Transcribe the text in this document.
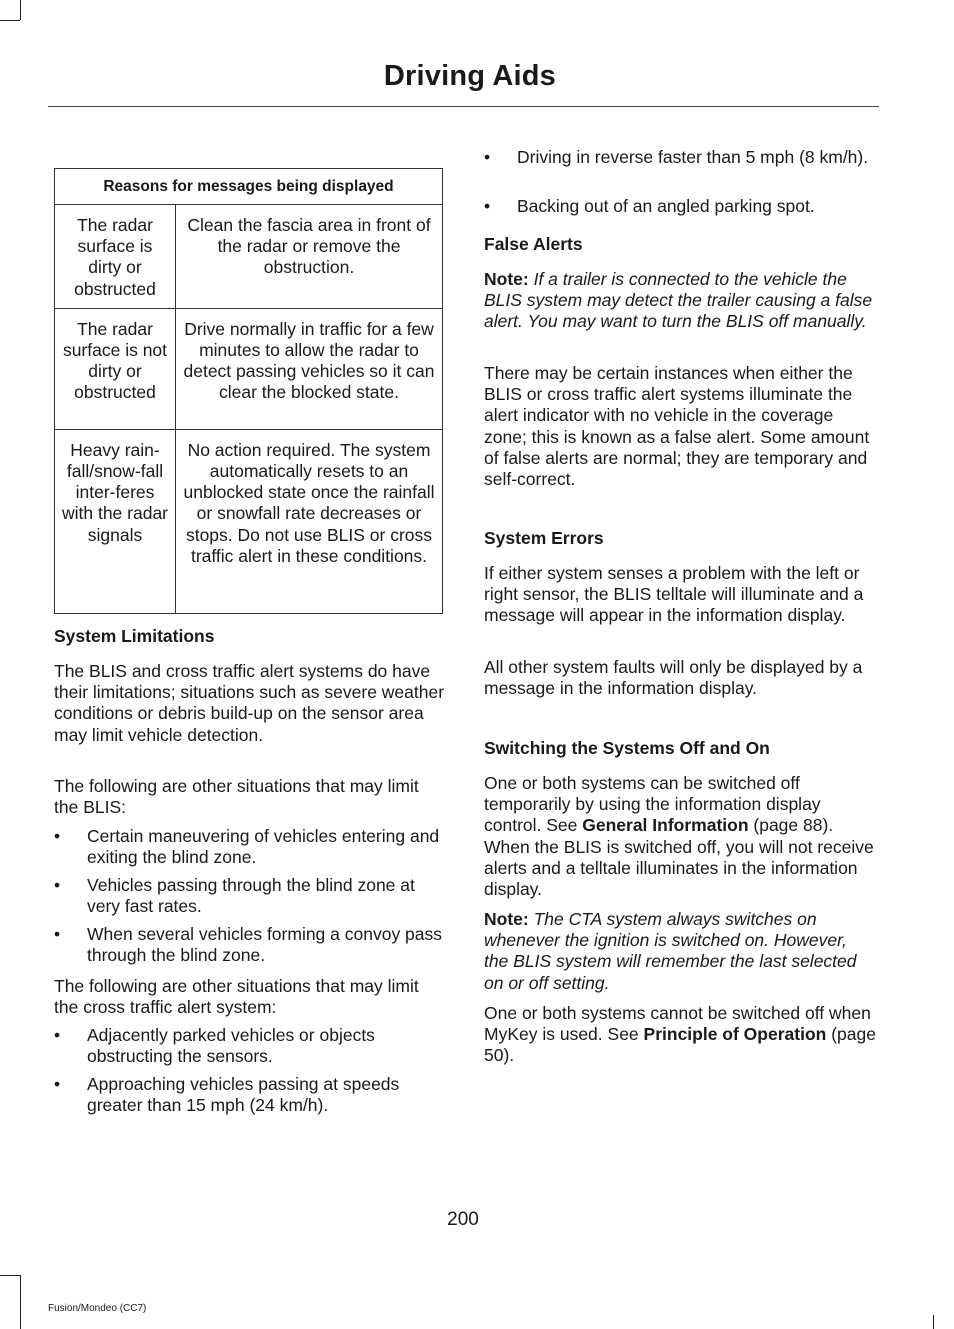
Driving Aids
Reasons for messages being displayed	
The radar surface is dirty or obstructed	Clean the fascia area in front of the radar or remove the obstruction.
The radar surface is not dirty or obstructed	Drive normally in traffic for a few minutes to allow the radar to detect passing vehicles so it can clear the blocked state.
Heavy rain-fall/snow-fall inter-feres with the radar signals	No action required. The system automatically resets to an unblocked state once the rainfall or snowfall rate decreases or stops. Do not use BLIS or cross traffic alert in these conditions.
System Limitations
The BLIS and cross traffic alert systems do have their limitations; situations such as severe weather conditions or debris build-up on the sensor area may limit vehicle detection.
The following are other situations that may limit the BLIS:
• Certain maneuvering of vehicles entering and exiting the blind zone.
• Vehicles passing through the blind zone at very fast rates.
• When several vehicles forming a convoy pass through the blind zone.
The following are other situations that may limit the cross traffic alert system:
• Adjacently parked vehicles or objects obstructing the sensors.
• Approaching vehicles passing at speeds greater than 15 mph (24 km/h).
• Driving in reverse faster than 5 mph (8 km/h).
• Backing out of an angled parking spot.
False Alerts
Note: If a trailer is connected to the vehicle the BLIS system may detect the trailer causing a false alert. You may want to turn the BLIS off manually.
There may be certain instances when either the BLIS or cross traffic alert systems illuminate the alert indicator with no vehicle in the coverage zone; this is known as a false alert. Some amount of false alerts are normal; they are temporary and self-correct.
System Errors
If either system senses a problem with the left or right sensor, the BLIS telltale will illuminate and a message will appear in the information display.
All other system faults will only be displayed by a message in the information display.
Switching the Systems Off and On
One or both systems can be switched off temporarily by using the information display control. See General Information (page 88). When the BLIS is switched off, you will not receive alerts and a telltale illuminates in the information display.
Note: The CTA system always switches on whenever the ignition is switched on. However, the BLIS system will remember the last selected on or off setting.
One or both systems cannot be switched off when MyKey is used. See Principle of Operation (page 50).
200
Fusion/Mondeo (CC7)
